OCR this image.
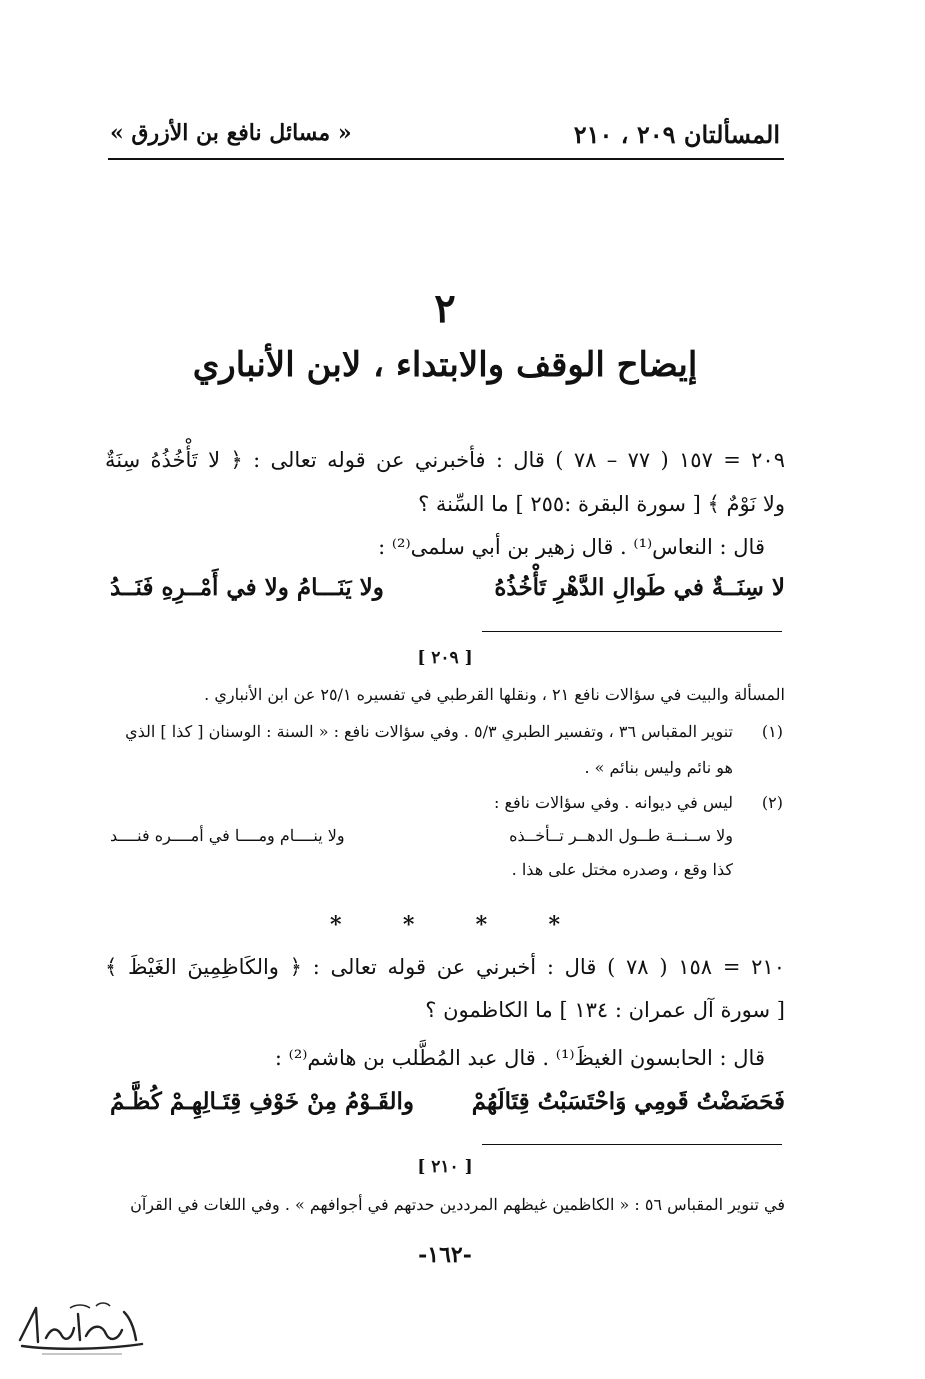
المسألتان ٢٠٩ ، ٢١٠
« مسائل نافع بن الأزرق »
٢
إيضاح الوقف والابتداء ، لابن الأنباري
٢٠٩ = ١٥٧ ( ٧٧ – ٧٨ ) قال : فأخبرني عن قوله تعالى : ﴿ لا تَأْخُذُهُ سِنَةٌ
ولا نَوْمٌ ﴾ [ سورة البقرة :٢٥٥ ] ما السِّنة ؟
قال : النعاس⁽¹⁾ . قال زهير بن أبي سلمى⁽²⁾ :
لا سِنَــةٌ في طَوالِ الدَّهْرِ تَأْخُذُهُ
ولا يَنَـــامُ ولا في أَمْــرِهِ فَنَــدُ
[ ٢٠٩ ]
المسألة والبيت في سؤالات نافع ٢١ ، ونقلها القرطبي في تفسيره ٢٥/١ عن ابن الأنباري .
(١)
تنوير المقباس ٣٦ ، وتفسير الطبري ٥/٣ . وفي سؤالات نافع : « السنة : الوسنان [ كذا ] الذي
هو نائم وليس بنائم » .
(٢)
ليس في ديوانه . وفي سؤالات نافع :
ولا ســنــة طــول الدهــر تــأخــذه
ولا ينــــام ومــــا في أمــــره فنــــد
كذا وقع ، وصدره مختل على هذا .
*
*
*
*
٢١٠ = ١٥٨ ( ٧٨ ) قال : أخبرني عن قوله تعالى : ﴿ والكَاظِمِينَ الغَيْظَ ﴾
[ سورة آل عمران : ١٣٤ ] ما الكاظمون ؟
قال : الحابسون الغيظَ⁽¹⁾ . قال عبد المُطَّلب بن هاشم⁽²⁾ :
فَحَضَضْتُ قَومِي وَاحْتَسَبْتُ قِتَالَهُمْ
والقَـوْمُ مِنْ خَوْفِ قِتَـالِهِـمْ كُظَّـمُ
[ ٢١٠ ]
في تنوير المقباس ٥٦ : « الكاظمين غيظهم المرددين حدتهم في أجوافهم » . وفي اللغات في القرآن
-١٦٢-
